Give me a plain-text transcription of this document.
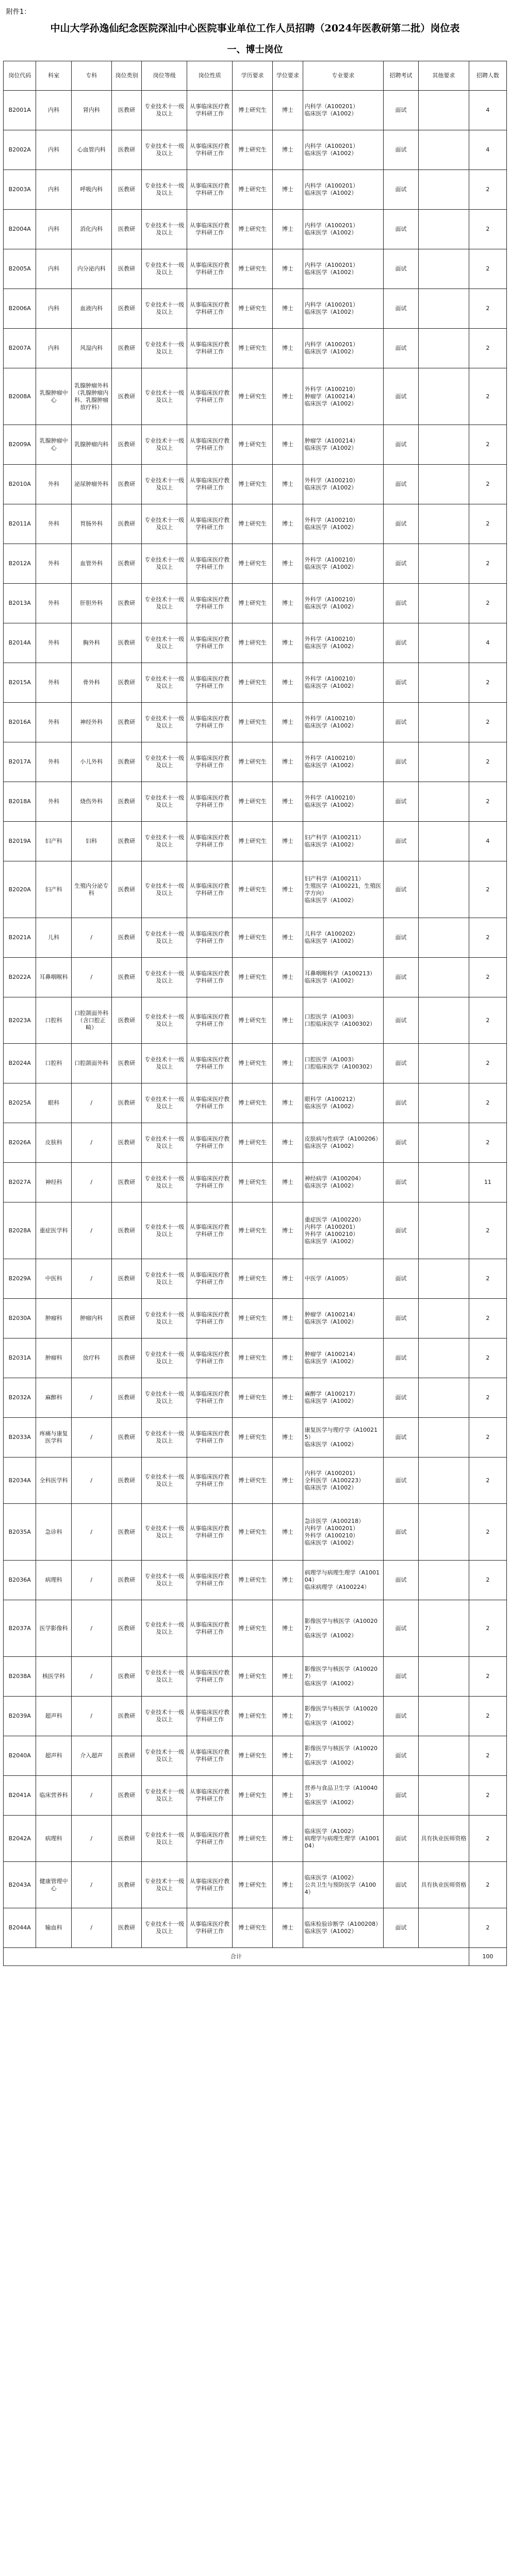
附件1：
中山大学孙逸仙纪念医院深汕中心医院事业单位工作人员招聘（2024年医教研第二批）岗位表
一、博士岗位
岗位代码	科室	专科	岗位类别	岗位等级	岗位性质	学历要求	学位要求	专业要求	招聘考试	其他要求	招聘人数
B2001A	内科	肾内科	医教研	专业技术十一级及以上	从事临床医疗教学科研工作	博士研究生	博士	内科学（A100201）
临床医学（A1002）	面试		4
B2002A	内科	心血管内科	医教研	专业技术十一级及以上	从事临床医疗教学科研工作	博士研究生	博士	内科学（A100201）
临床医学（A1002）	面试		4
B2003A	内科	呼吸内科	医教研	专业技术十一级及以上	从事临床医疗教学科研工作	博士研究生	博士	内科学（A100201）
临床医学（A1002）	面试		2
B2004A	内科	消化内科	医教研	专业技术十一级及以上	从事临床医疗教学科研工作	博士研究生	博士	内科学（A100201）
临床医学（A1002）	面试		2
B2005A	内科	内分泌内科	医教研	专业技术十一级及以上	从事临床医疗教学科研工作	博士研究生	博士	内科学（A100201）
临床医学（A1002）	面试		2
B2006A	内科	血液内科	医教研	专业技术十一级及以上	从事临床医疗教学科研工作	博士研究生	博士	内科学（A100201）
临床医学（A1002）	面试		2
B2007A	内科	风湿内科	医教研	专业技术十一级及以上	从事临床医疗教学科研工作	博士研究生	博士	内科学（A100201）
临床医学（A1002）	面试		2
B2008A	乳腺肿瘤中心	乳腺肿瘤外科（乳腺肿瘤内科、乳腺肿瘤放疗科）	医教研	专业技术十一级及以上	从事临床医疗教学科研工作	博士研究生	博士	外科学（A100210）
肿瘤学（A100214）
临床医学（A1002）	面试		2
B2009A	乳腺肿瘤中心	乳腺肿瘤内科	医教研	专业技术十一级及以上	从事临床医疗教学科研工作	博士研究生	博士	肿瘤学（A100214）
临床医学（A1002）	面试		2
B2010A	外科	泌尿肿瘤外科	医教研	专业技术十一级及以上	从事临床医疗教学科研工作	博士研究生	博士	外科学（A100210）
临床医学（A1002）	面试		2
B2011A	外科	胃肠外科	医教研	专业技术十一级及以上	从事临床医疗教学科研工作	博士研究生	博士	外科学（A100210）
临床医学（A1002）	面试		2
B2012A	外科	血管外科	医教研	专业技术十一级及以上	从事临床医疗教学科研工作	博士研究生	博士	外科学（A100210）
临床医学（A1002）	面试		2
B2013A	外科	肝胆外科	医教研	专业技术十一级及以上	从事临床医疗教学科研工作	博士研究生	博士	外科学（A100210）
临床医学（A1002）	面试		2
B2014A	外科	胸外科	医教研	专业技术十一级及以上	从事临床医疗教学科研工作	博士研究生	博士	外科学（A100210）
临床医学（A1002）	面试		4
B2015A	外科	骨外科	医教研	专业技术十一级及以上	从事临床医疗教学科研工作	博士研究生	博士	外科学（A100210）
临床医学（A1002）	面试		2
B2016A	外科	神经外科	医教研	专业技术十一级及以上	从事临床医疗教学科研工作	博士研究生	博士	外科学（A100210）
临床医学（A1002）	面试		2
B2017A	外科	小儿外科	医教研	专业技术十一级及以上	从事临床医疗教学科研工作	博士研究生	博士	外科学（A100210）
临床医学（A1002）	面试		2
B2018A	外科	烧伤外科	医教研	专业技术十一级及以上	从事临床医疗教学科研工作	博士研究生	博士	外科学（A100210）
临床医学（A1002）	面试		2
B2019A	妇产科	妇科	医教研	专业技术十一级及以上	从事临床医疗教学科研工作	博士研究生	博士	妇产科学（A100211）
临床医学（A1002）	面试		4
B2020A	妇产科	生殖内分泌专科	医教研	专业技术十一级及以上	从事临床医疗教学科研工作	博士研究生	博士	妇产科学（A100211）
生殖医学（A100221，生殖医学方向）
临床医学（A1002）	面试		2
B2021A	儿科	/	医教研	专业技术十一级及以上	从事临床医疗教学科研工作	博士研究生	博士	儿科学（A100202）
临床医学（A1002）	面试		2
B2022A	耳鼻咽喉科	/	医教研	专业技术十一级及以上	从事临床医疗教学科研工作	博士研究生	博士	耳鼻咽喉科学（A100213）
临床医学（A1002）	面试		2
B2023A	口腔科	口腔颌面外科（含口腔正畸）	医教研	专业技术十一级及以上	从事临床医疗教学科研工作	博士研究生	博士	口腔医学（A1003）
口腔临床医学（A100302）	面试		2
B2024A	口腔科	口腔颌面外科	医教研	专业技术十一级及以上	从事临床医疗教学科研工作	博士研究生	博士	口腔医学（A1003）
口腔临床医学（A100302）	面试		2
B2025A	眼科	/	医教研	专业技术十一级及以上	从事临床医疗教学科研工作	博士研究生	博士	眼科学（A100212）
临床医学（A1002）	面试		2
B2026A	皮肤科	/	医教研	专业技术十一级及以上	从事临床医疗教学科研工作	博士研究生	博士	皮肤病与性病学（A100206）
临床医学（A1002）	面试		2
B2027A	神经科	/	医教研	专业技术十一级及以上	从事临床医疗教学科研工作	博士研究生	博士	神经病学（A100204）
临床医学（A1002）	面试		11
B2028A	重症医学科	/	医教研	专业技术十一级及以上	从事临床医疗教学科研工作	博士研究生	博士	重症医学（A100220）
内科学（A100201）
外科学（A100210）
临床医学（A1002）	面试		2
B2029A	中医科	/	医教研	专业技术十一级及以上	从事临床医疗教学科研工作	博士研究生	博士	中医学（A1005）	面试		2
B2030A	肿瘤科	肿瘤内科	医教研	专业技术十一级及以上	从事临床医疗教学科研工作	博士研究生	博士	肿瘤学（A100214）
临床医学（A1002）	面试		2
B2031A	肿瘤科	放疗科	医教研	专业技术十一级及以上	从事临床医疗教学科研工作	博士研究生	博士	肿瘤学（A100214）
临床医学（A1002）	面试		2
B2032A	麻醉科	/	医教研	专业技术十一级及以上	从事临床医疗教学科研工作	博士研究生	博士	麻醉学（A100217）
临床医学（A1002）	面试		2
B2033A	疼痛与康复医学科	/	医教研	专业技术十一级及以上	从事临床医疗教学科研工作	博士研究生	博士	康复医学与理疗学（A100215）
临床医学（A1002）	面试		2
B2034A	全科医学科	/	医教研	专业技术十一级及以上	从事临床医疗教学科研工作	博士研究生	博士	内科学（A100201）
全科医学（A100223）
临床医学（A1002）	面试		2
B2035A	急诊科	/	医教研	专业技术十一级及以上	从事临床医疗教学科研工作	博士研究生	博士	急诊医学（A100218）
内科学（A100201）
外科学（A100210）
临床医学（A1002）	面试		2
B2036A	病理科	/	医教研	专业技术十一级及以上	从事临床医疗教学科研工作	博士研究生	博士	病理学与病理生理学（A100104）
临床病理学（A100224）	面试		2
B2037A	医学影像科	/	医教研	专业技术十一级及以上	从事临床医疗教学科研工作	博士研究生	博士	影像医学与核医学（A100207）
临床医学（A1002）	面试		2
B2038A	核医学科	/	医教研	专业技术十一级及以上	从事临床医疗教学科研工作	博士研究生	博士	影像医学与核医学（A100207）
临床医学（A1002）	面试		2
B2039A	超声科	/	医教研	专业技术十一级及以上	从事临床医疗教学科研工作	博士研究生	博士	影像医学与核医学（A100207）
临床医学（A1002）	面试		2
B2040A	超声科	介入超声	医教研	专业技术十一级及以上	从事临床医疗教学科研工作	博士研究生	博士	影像医学与核医学（A100207）
临床医学（A1002）	面试		2
B2041A	临床营养科	/	医教研	专业技术十一级及以上	从事临床医疗教学科研工作	博士研究生	博士	营养与食品卫生学（A100403）
临床医学（A1002）	面试		2
B2042A	病理科	/	医教研	专业技术十一级及以上	从事临床医疗教学科研工作	博士研究生	博士	临床医学（A1002）
病理学与病理生理学（A100104）	面试	具有执业医师资格	2
B2043A	健康管理中心	/	医教研	专业技术十一级及以上	从事临床医疗教学科研工作	博士研究生	博士	临床医学（A1002）
公共卫生与预防医学（A1004）	面试	具有执业医师资格	2
B2044A	输血科	/	医教研	专业技术十一级及以上	从事临床医疗教学科研工作	博士研究生	博士	临床检验诊断学（A100208）
临床医学（A1002）	面试		2
合计											100
